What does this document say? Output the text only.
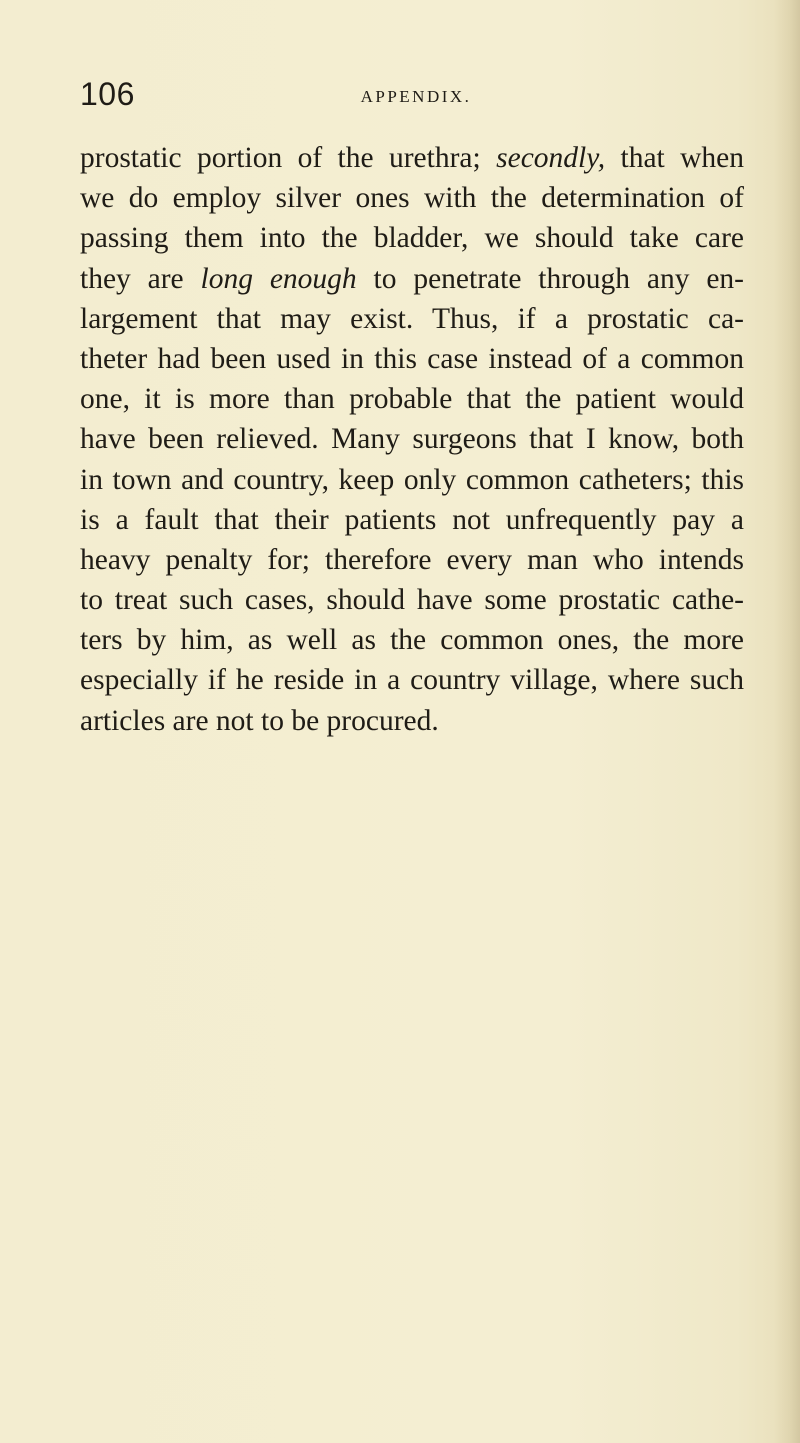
106	APPENDIX.
prostatic portion of the urethra; secondly, that when
we do employ silver ones with the determination of
passing them into the bladder, we should take care
they are long enough to penetrate through any en-
largement that may exist. Thus, if a prostatic ca-
theter had been used in this case instead of a common
one, it is more than probable that the patient would
have been relieved. Many surgeons that I know, both
in town and country, keep only common catheters; this
is a fault that their patients not unfrequently pay a
heavy penalty for; therefore every man who intends
to treat such cases, should have some prostatic cathe-
ters by him, as well as the common ones, the more
especially if he reside in a country village, where such
articles are not to be procured.
